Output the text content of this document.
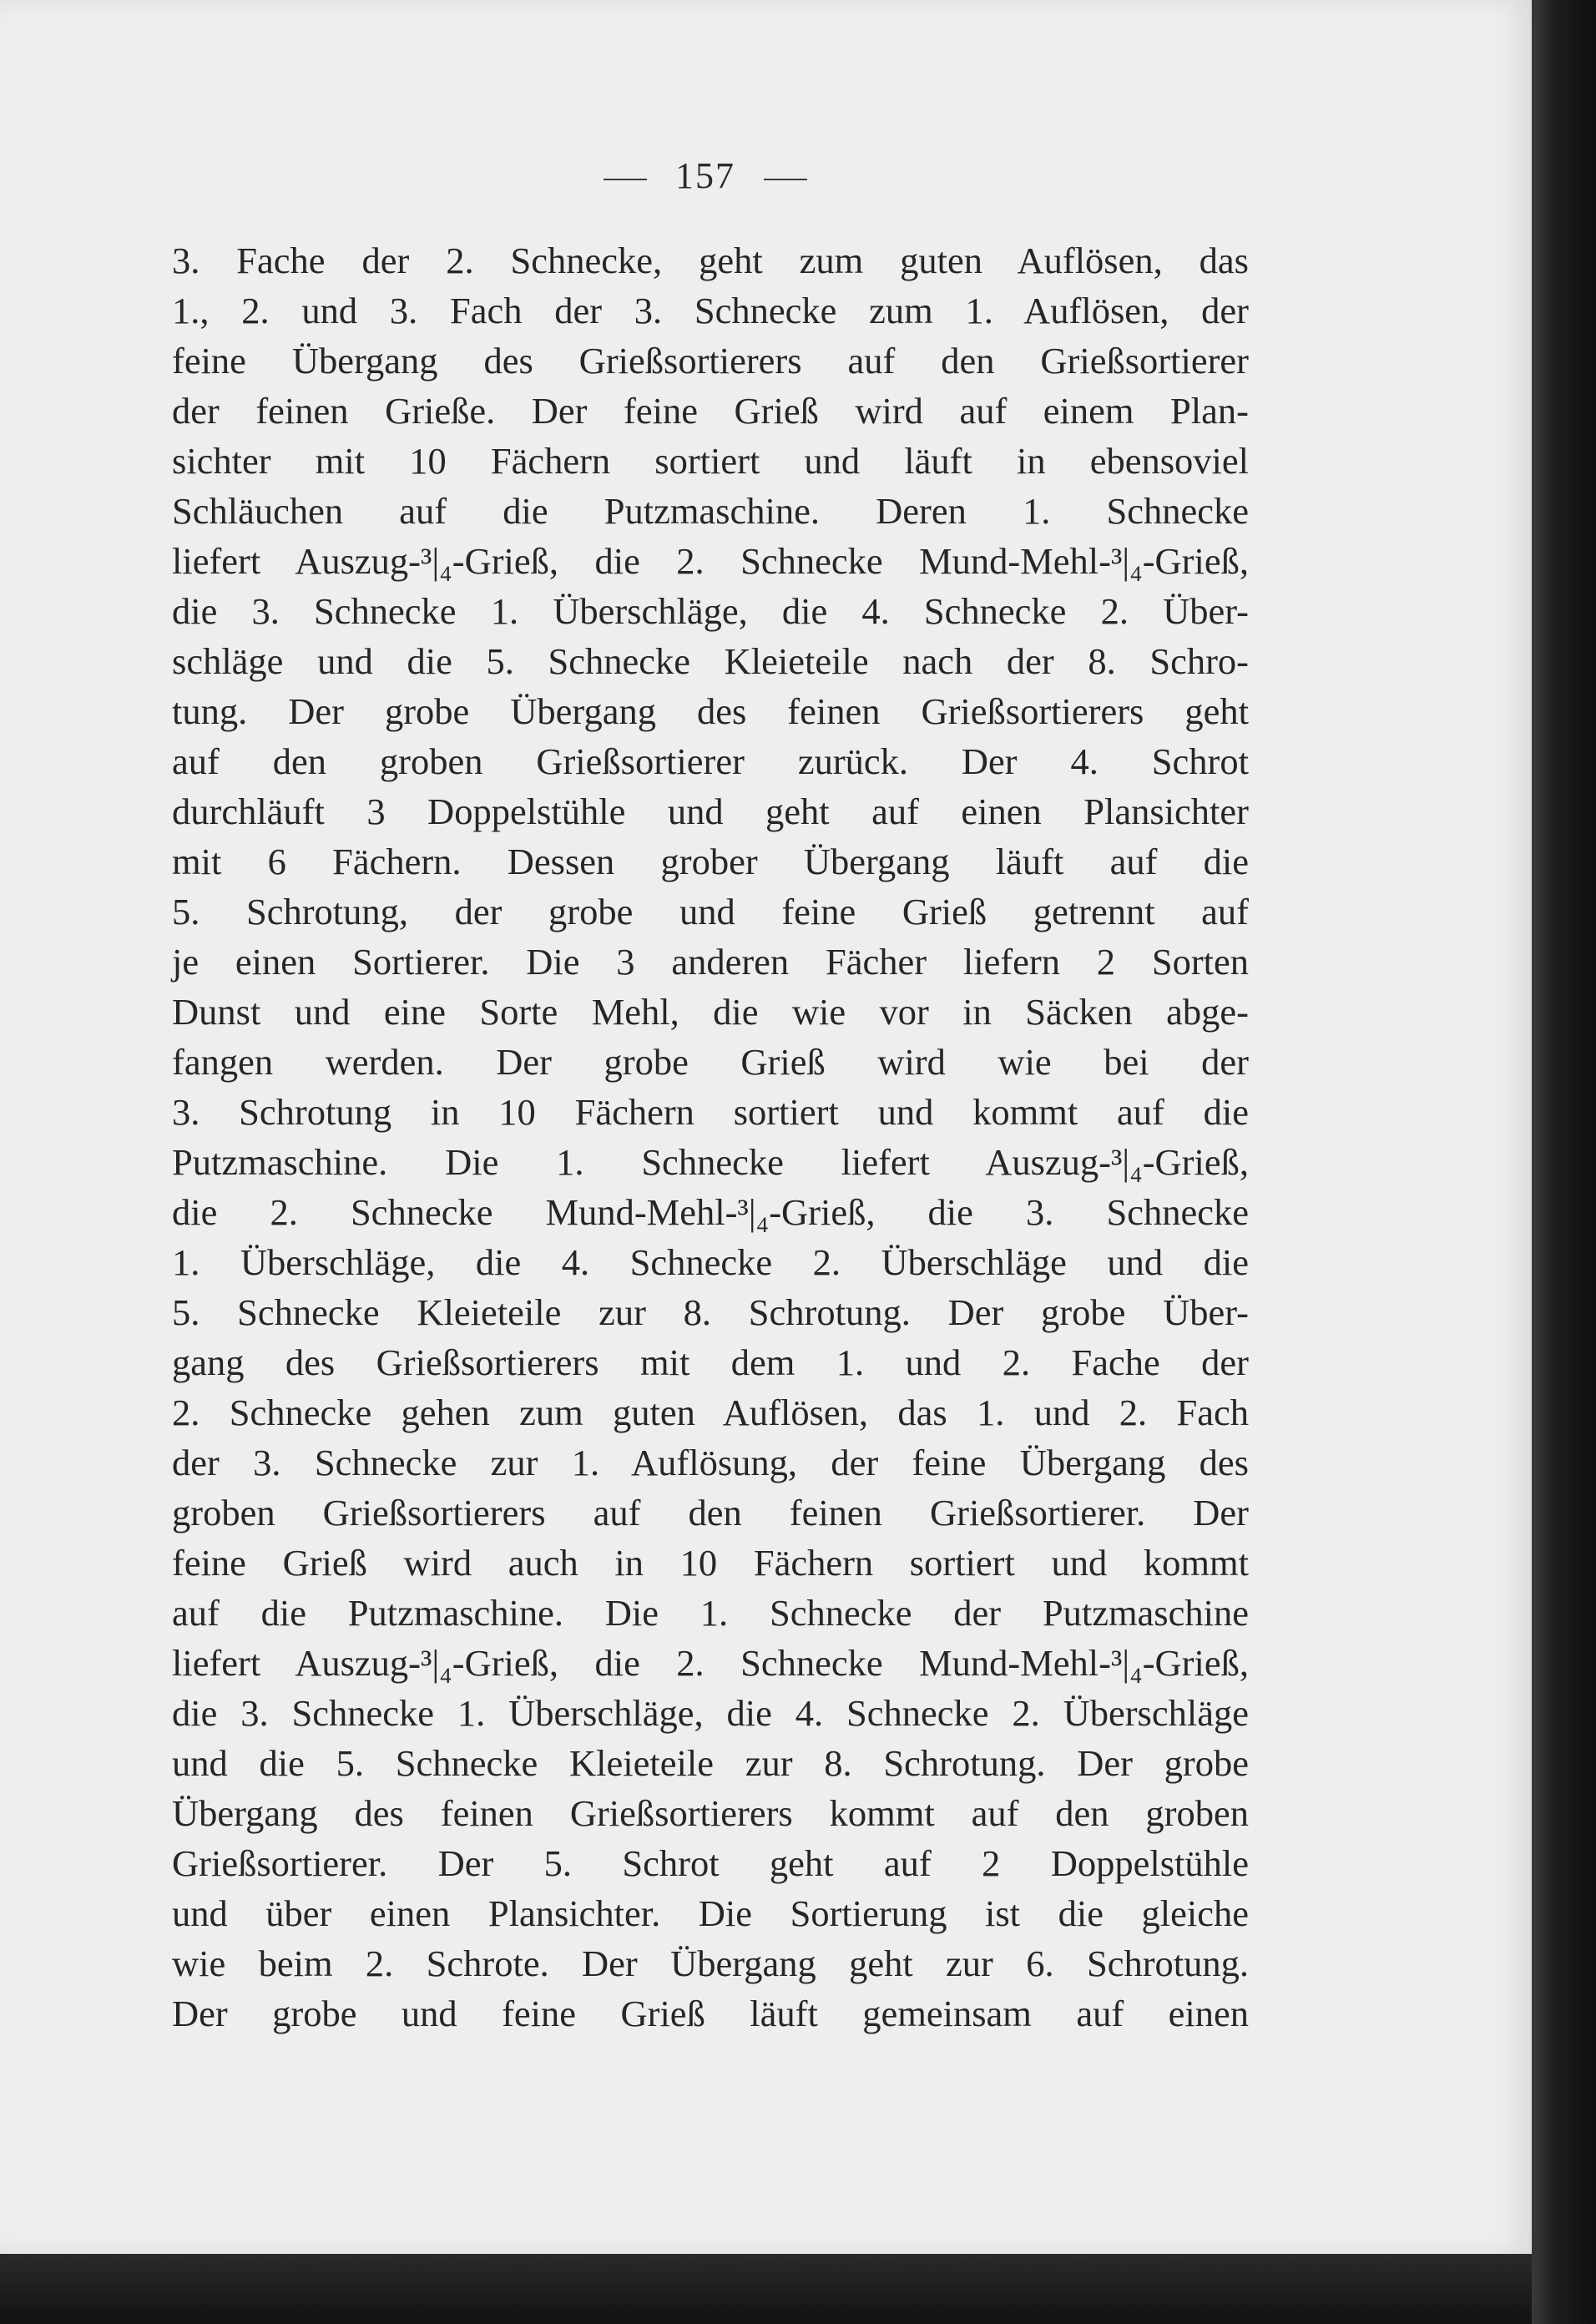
157
3. Fache der 2. Schnecke, geht zum guten Auflösen, das
1., 2. und 3. Fach der 3. Schnecke zum 1. Auflösen, der
feine Übergang des Grießsortierers auf den Grießsortierer
der feinen Grieße. Der feine Grieß wird auf einem Plan-
sichter mit 10 Fächern sortiert und läuft in ebensoviel
Schläuchen auf die Putzmaschine. Deren 1. Schnecke
liefert Auszug-³|₄-Grieß, die 2. Schnecke Mund-Mehl-³|₄-Grieß,
die 3. Schnecke 1. Überschläge, die 4. Schnecke 2. Über-
schläge und die 5. Schnecke Kleieteile nach der 8. Schro-
tung. Der grobe Übergang des feinen Grießsortierers geht
auf den groben Grießsortierer zurück. Der 4. Schrot
durchläuft 3 Doppelstühle und geht auf einen Plansichter
mit 6 Fächern. Dessen grober Übergang läuft auf die
5. Schrotung, der grobe und feine Grieß getrennt auf
je einen Sortierer. Die 3 anderen Fächer liefern 2 Sorten
Dunst und eine Sorte Mehl, die wie vor in Säcken abge-
fangen werden. Der grobe Grieß wird wie bei der
3. Schrotung in 10 Fächern sortiert und kommt auf die
Putzmaschine. Die 1. Schnecke liefert Auszug-³|₄-Grieß,
die 2. Schnecke Mund-Mehl-³|₄-Grieß, die 3. Schnecke
1. Überschläge, die 4. Schnecke 2. Überschläge und die
5. Schnecke Kleieteile zur 8. Schrotung. Der grobe Über-
gang des Grießsortierers mit dem 1. und 2. Fache der
2. Schnecke gehen zum guten Auflösen, das 1. und 2. Fach
der 3. Schnecke zur 1. Auflösung, der feine Übergang des
groben Grießsortierers auf den feinen Grießsortierer. Der
feine Grieß wird auch in 10 Fächern sortiert und kommt
auf die Putzmaschine. Die 1. Schnecke der Putzmaschine
liefert Auszug-³|₄-Grieß, die 2. Schnecke Mund-Mehl-³|₄-Grieß,
die 3. Schnecke 1. Überschläge, die 4. Schnecke 2. Überschläge
und die 5. Schnecke Kleieteile zur 8. Schrotung. Der grobe
Übergang des feinen Grießsortierers kommt auf den groben
Grießsortierer. Der 5. Schrot geht auf 2 Doppelstühle
und über einen Plansichter. Die Sortierung ist die gleiche
wie beim 2. Schrote. Der Übergang geht zur 6. Schrotung.
Der grobe und feine Grieß läuft gemeinsam auf einen
